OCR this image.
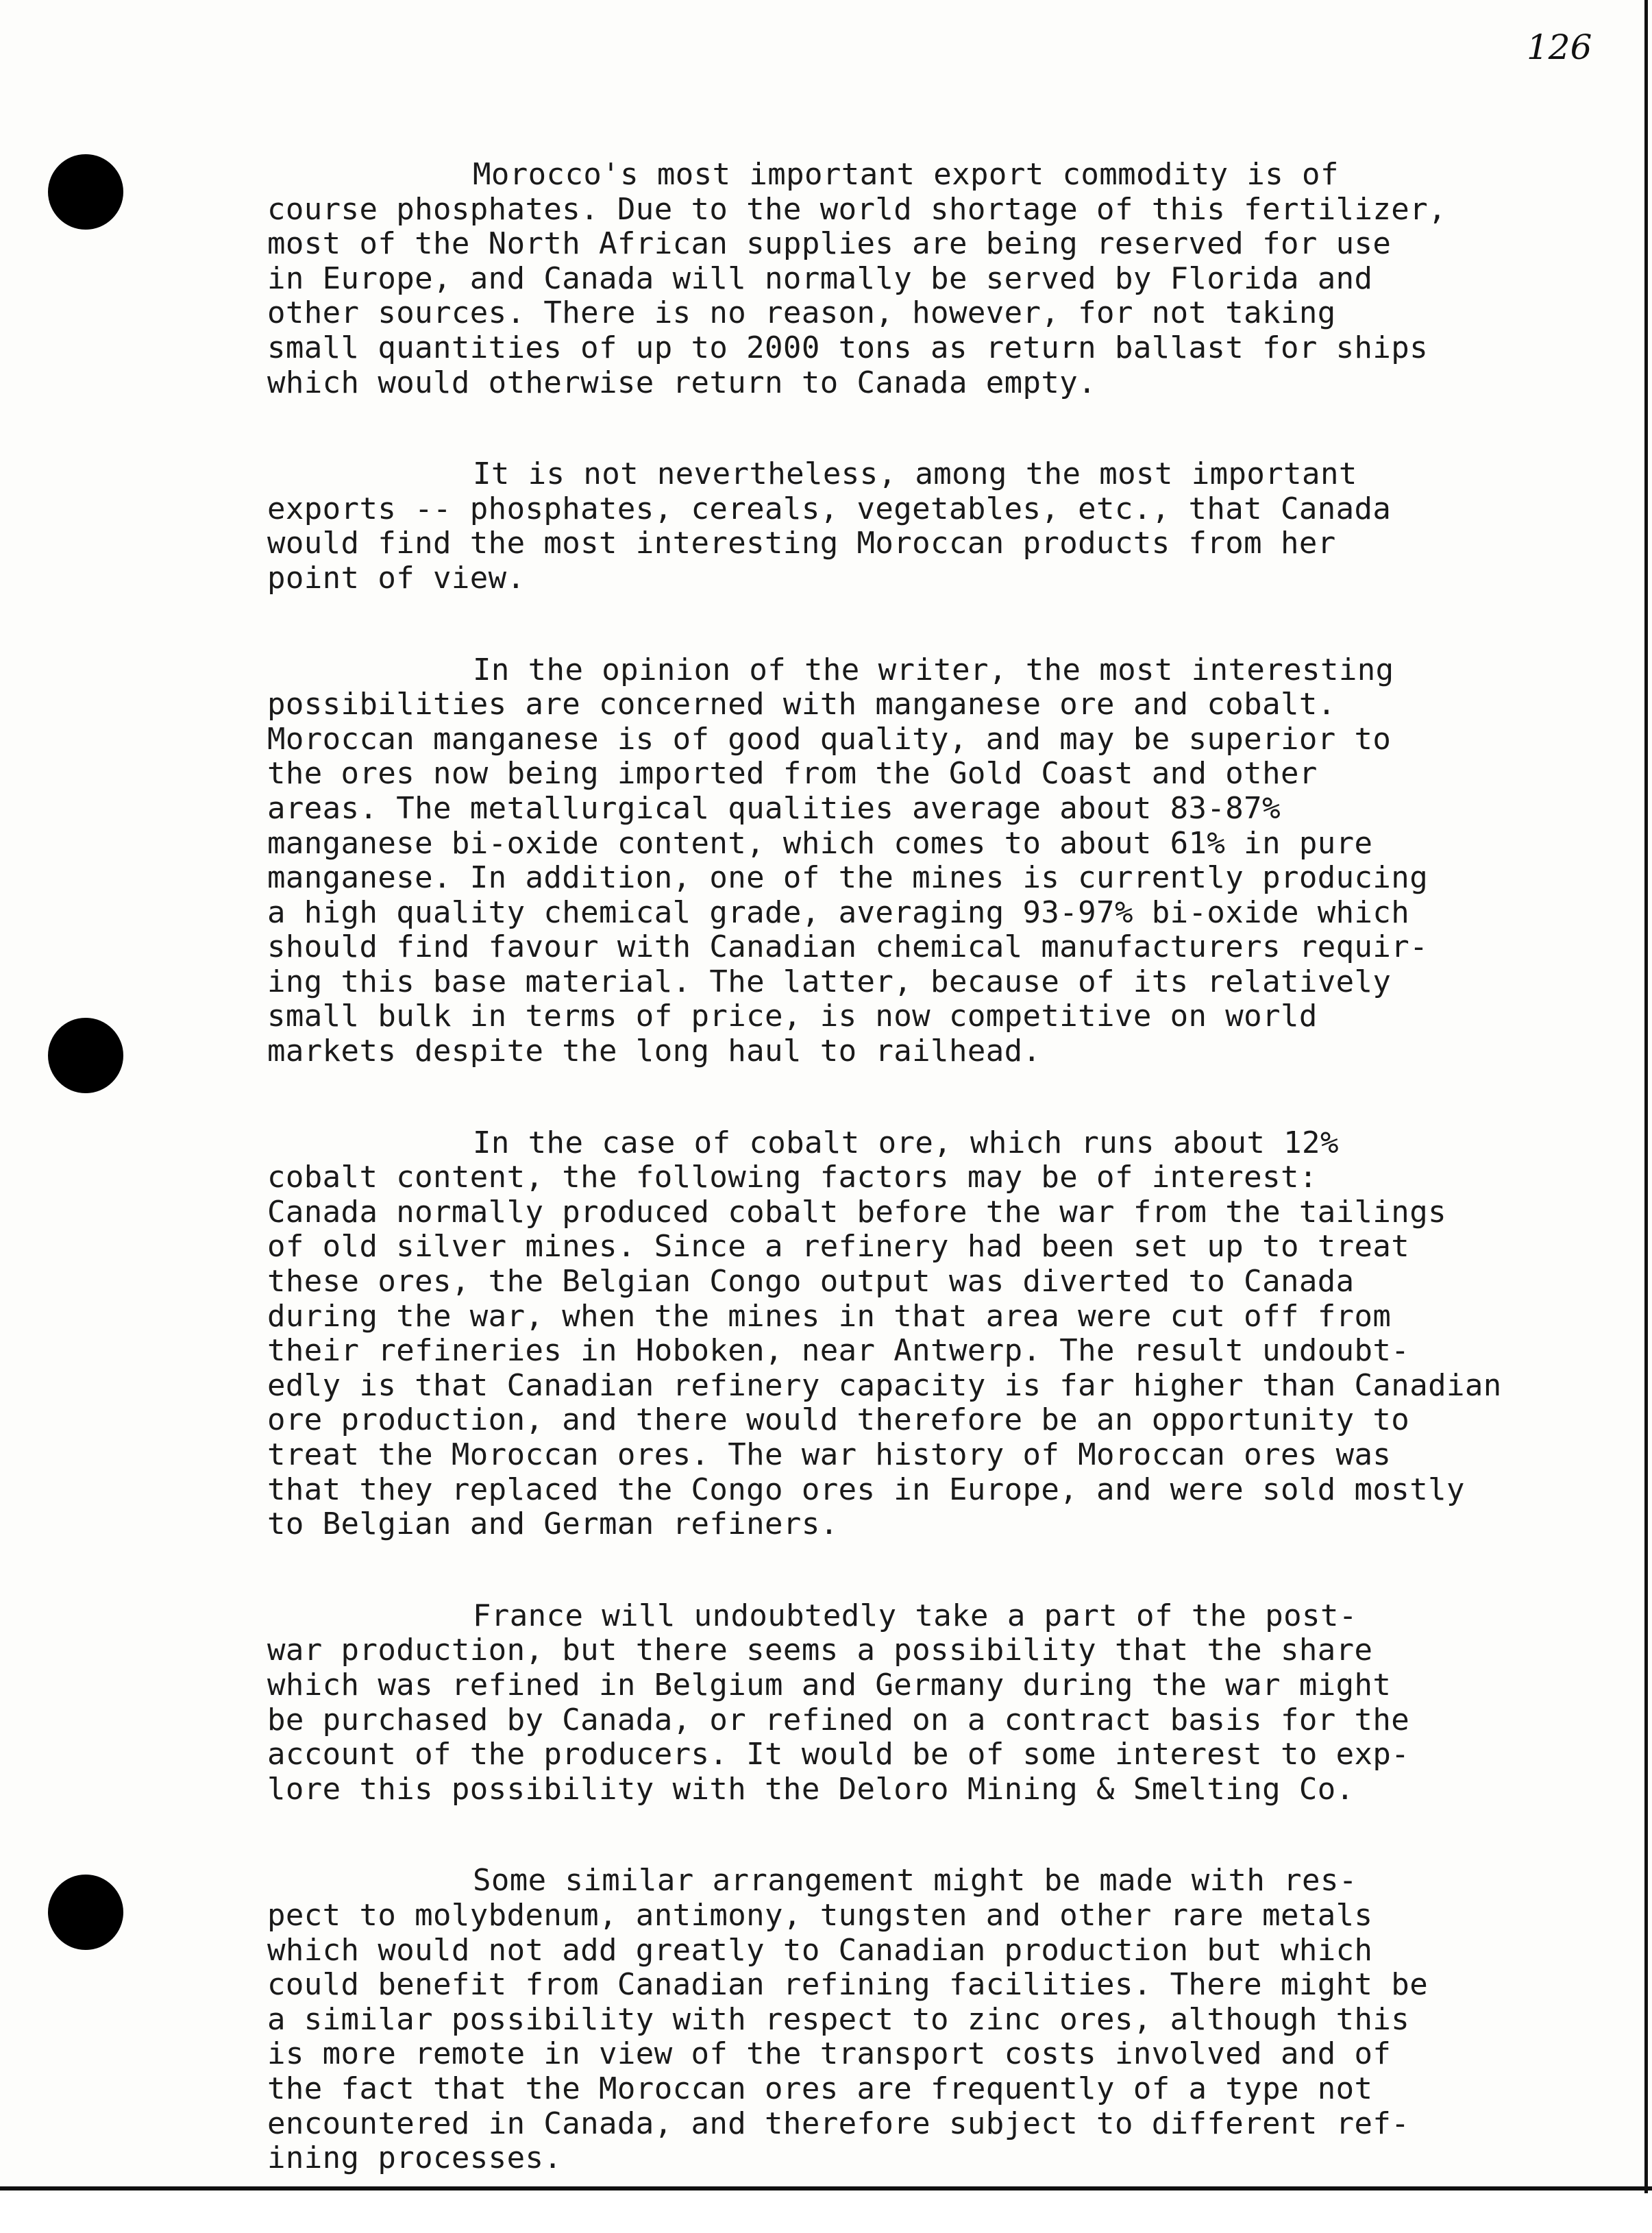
126

Morocco's most important export commodity is of
course phosphates. Due to the world shortage of this fertilizer,
most of the North African supplies are being reserved for use
in Europe, and Canada will normally be served by Florida and
other sources. There is no reason, however, for not taking
small quantities of up to 2000 tons as return ballast for ships
which would otherwise return to Canada empty.

It is not nevertheless, among the most important
exports -- phosphates, cereals, vegetables, etc., that Canada
would find the most interesting Moroccan products from her
point of view.

In the opinion of the writer, the most interesting
possibilities are concerned with manganese ore and cobalt.
Moroccan manganese is of good quality, and may be superior to
the ores now being imported from the Gold Coast and other
areas. The metallurgical qualities average about 83-87%
manganese bi-oxide content, which comes to about 61% in pure
manganese. In addition, one of the mines is currently producing
a high quality chemical grade, averaging 93-97% bi-oxide which
should find favour with Canadian chemical manufacturers requir-
ing this base material. The latter, because of its relatively
small bulk in terms of price, is now competitive on world
markets despite the long haul to railhead.

In the case of cobalt ore, which runs about 12%
cobalt content, the following factors may be of interest:
Canada normally produced cobalt before the war from the tailings
of old silver mines. Since a refinery had been set up to treat
these ores, the Belgian Congo output was diverted to Canada
during the war, when the mines in that area were cut off from
their refineries in Hoboken, near Antwerp. The result undoubt-
edly is that Canadian refinery capacity is far higher than Canadian
ore production, and there would therefore be an opportunity to
treat the Moroccan ores. The war history of Moroccan ores was
that they replaced the Congo ores in Europe, and were sold mostly
to Belgian and German refiners.

France will undoubtedly take a part of the post-
war production, but there seems a possibility that the share
which was refined in Belgium and Germany during the war might
be purchased by Canada, or refined on a contract basis for the
account of the producers. It would be of some interest to exp-
lore this possibility with the Deloro Mining & Smelting Co.

Some similar arrangement might be made with res-
pect to molybdenum, antimony, tungsten and other rare metals
which would not add greatly to Canadian production but which
could benefit from Canadian refining facilities. There might be
a similar possibility with respect to zinc ores, although this
is more remote in view of the transport costs involved and of
the fact that the Moroccan ores are frequently of a type not
encountered in Canada, and therefore subject to different ref-
ining processes.
